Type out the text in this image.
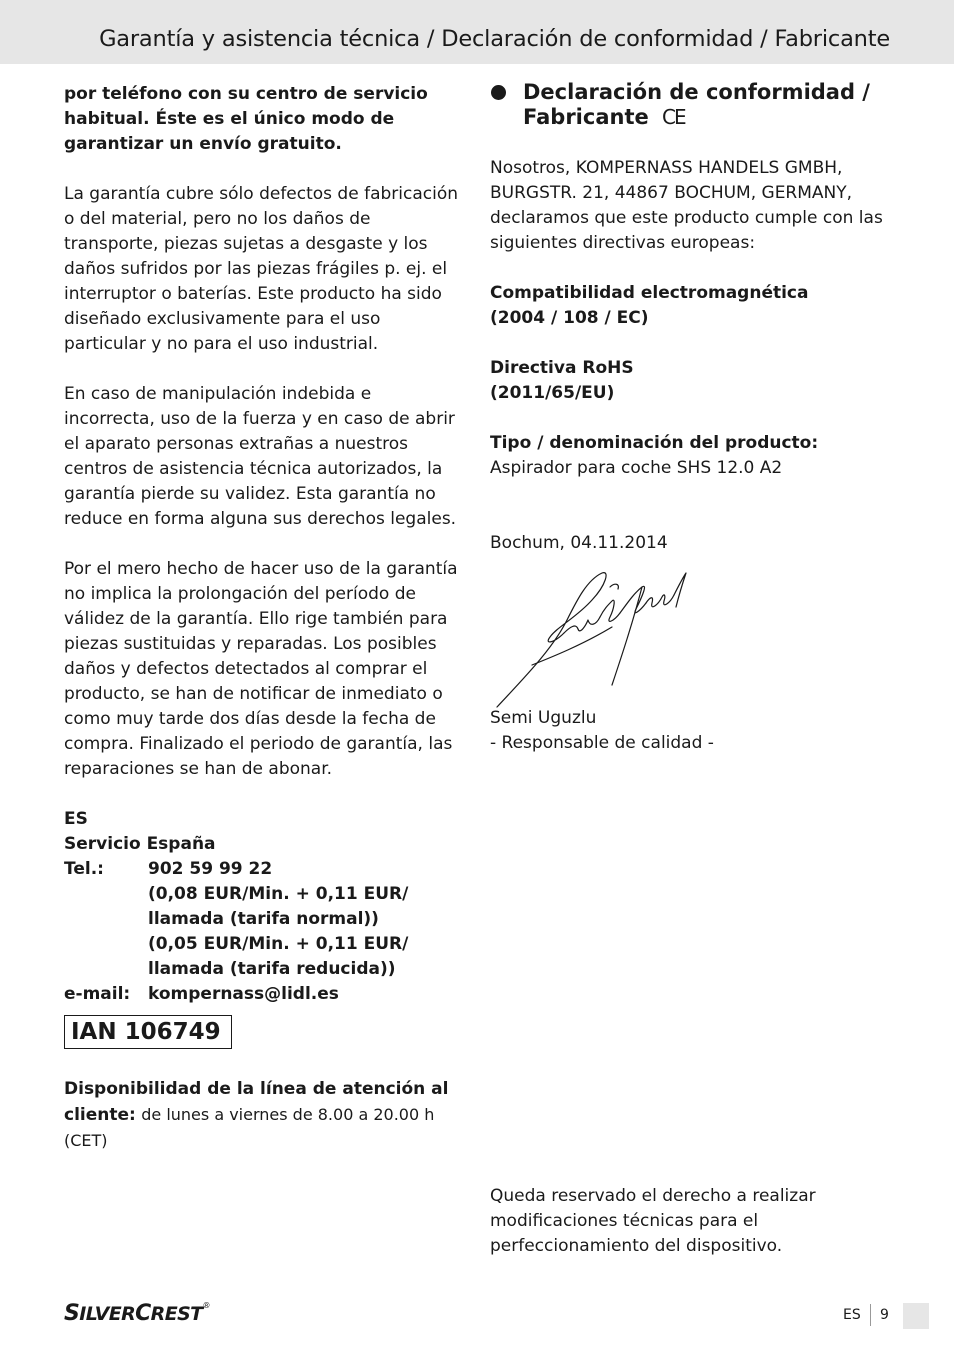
Garantía y asistencia técnica / Declaración de conformidad / Fabricante

por teléfono con su centro de servicio habitual. Éste es el único modo de garantizar un envío gratuito.

La garantía cubre sólo defectos de fabricación o del material, pero no los daños de transporte, piezas sujetas a desgaste y los daños sufridos por las piezas frágiles p. ej. el interruptor o baterías. Este producto ha sido diseñado exclusivamente para el uso particular y no para el uso industrial.

En caso de manipulación indebida e incorrecta, uso de la fuerza y en caso de abrir el aparato personas extrañas a nuestros centros de asistencia técnica autorizados, la garantía pierde su validez. Esta garantía no reduce en forma alguna sus derechos legales.

Por el mero hecho de hacer uso de la garantía no implica la prolongación del período de válidez de la garantía. Ello rige también para piezas sustituidas y reparadas. Los posibles daños y defectos detectados al comprar el producto, se han de notificar de inmediato o como muy tarde dos días desde la fecha de compra. Finalizado el periodo de garantía, las reparaciones se han de abonar.

ES

Servicio España

Tel.:	902 59 99 22
(0,08 EUR/Min. + 0,11 EUR/
llamada (tarifa normal))
(0,05 EUR/Min. + 0,11 EUR/
llamada (tarifa reducida))
e-mail:	kompernass@lidl.es
IAN 106749

Disponibilidad de la línea de atención al cliente: de lunes a viernes de 8.00 a 20.00 h (CET)

Declaración de conformidad /
Fabricante CE

Nosotros, KOMPERNASS HANDELS GMBH, BURGSTR. 21, 44867 BOCHUM, GERMANY, declaramos que este producto cumple con las siguientes directivas europeas:

Compatibilidad electromagnética
(2004 / 108 / EC)

Directiva RoHS
(2011/65/EU)

Tipo / denominación del producto:

Aspirador para coche SHS 12.0 A2

Bochum, 04.11.2014

Semi Uguzlu

- Responsable de calidad -

Queda reservado el derecho a realizar modificaciones técnicas para el perfeccionamiento del dispositivo.
SILVERCREST®
ES 9
